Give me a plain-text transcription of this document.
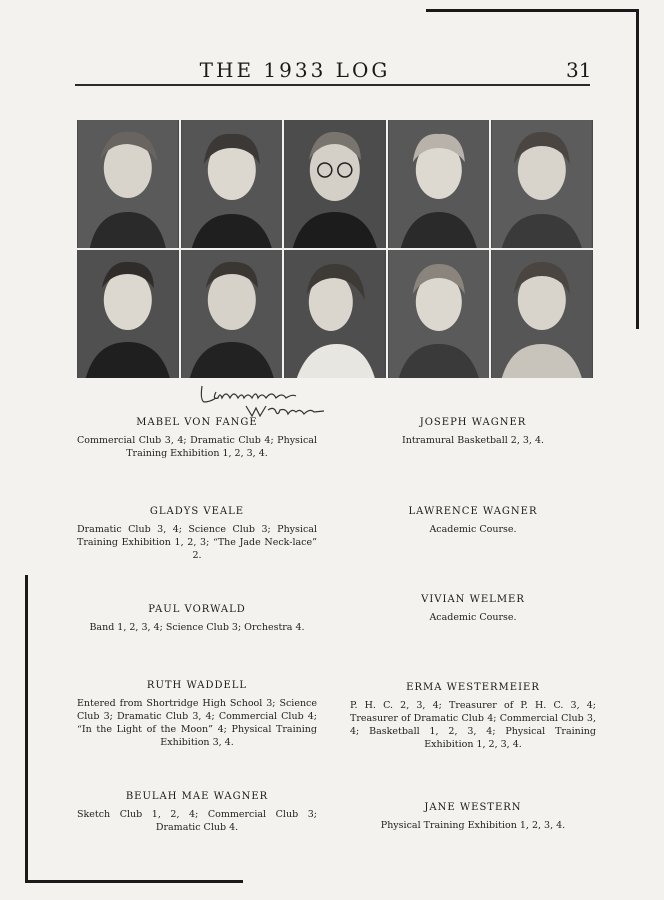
THE 1933 LOG	31
MABEL VON FANGE
Commercial Club 3, 4; Dramatic Club 4; Physical Training Exhibition 1, 2, 3, 4.
GLADYS VEALE
Dramatic Club 3, 4; Science Club 3; Physical Training Exhibition 1, 2, 3; “The Jade Neck-lace” 2.
PAUL VORWALD
Band 1, 2, 3, 4; Science Club 3; Orchestra 4.
RUTH WADDELL
Entered from Shortridge High School 3; Science Club 3; Dramatic Club 3, 4; Commercial Club 4; “In the Light of the Moon” 4; Physical Training Exhibition 3, 4.
BEULAH MAE WAGNER
Sketch Club 1, 2, 4; Commercial Club 3; Dramatic Club 4.
JOSEPH WAGNER
Intramural Basketball 2, 3, 4.
LAWRENCE WAGNER
Academic Course.
VIVIAN WELMER
Academic Course.
ERMA WESTERMEIER
P. H. C. 2, 3, 4; Treasurer of P. H. C. 3, 4; Treasurer of Dramatic Club 4; Commercial Club 3, 4; Basketball 1, 2, 3, 4; Physical Training Exhibition 1, 2, 3, 4.
JANE WESTERN
Physical Training Exhibition 1, 2, 3, 4.
